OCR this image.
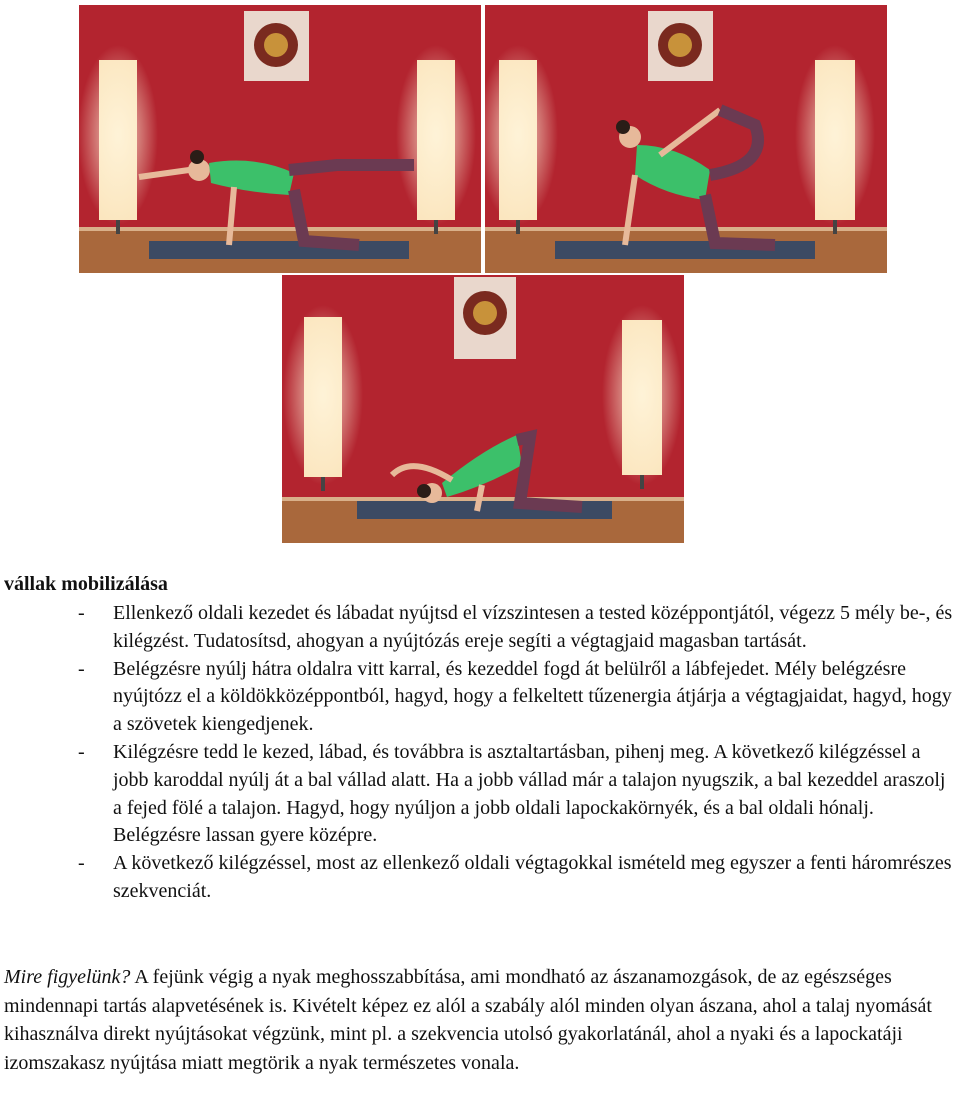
vállak mobilizálása
- Ellenkező oldali kezedet és lábadat nyújtsd el vízszintesen a tested középpontjától, végezz 5 mély be-, és kilégzést. Tudatosítsd, ahogyan a nyújtózás ereje segíti a végtagjaid magasban tartását.
- Belégzésre nyúlj hátra oldalra vitt karral, és kezeddel fogd át belülről a lábfejedet. Mély belégzésre nyújtózz el a köldökközéppontból, hagyd, hogy a felkeltett tűzenergia átjárja a végtagjaidat, hagyd, hogy a szövetek kiengedjenek.
- Kilégzésre tedd le kezed, lábad, és továbbra is asztaltartásban, pihenj meg. A következő kilégzéssel a jobb karoddal nyúlj át a bal vállad alatt. Ha a jobb vállad már a talajon nyugszik, a bal kezeddel araszolj a fejed fölé a talajon. Hagyd, hogy nyúljon a jobb oldali lapockakörnyék, és a bal oldali hónalj. Belégzésre lassan gyere középre.
- A következő kilégzéssel, most az ellenkező oldali végtagokkal ismételd meg egyszer a fenti háromrészes szekvenciát.

Mire figyelünk? A fejünk végig a nyak meghosszabbítása, ami mondható az ászanamozgások, de az egészséges mindennapi tartás alapvetésének is. Kivételt képez ez alól a szabály alól minden olyan ászana, ahol a talaj nyomását kihasználva direkt nyújtásokat végzünk, mint pl. a szekvencia utolsó gyakorlatánál, ahol a nyaki és a lapockatáji izomszakasz nyújtása miatt megtörik a nyak természetes vonala.
